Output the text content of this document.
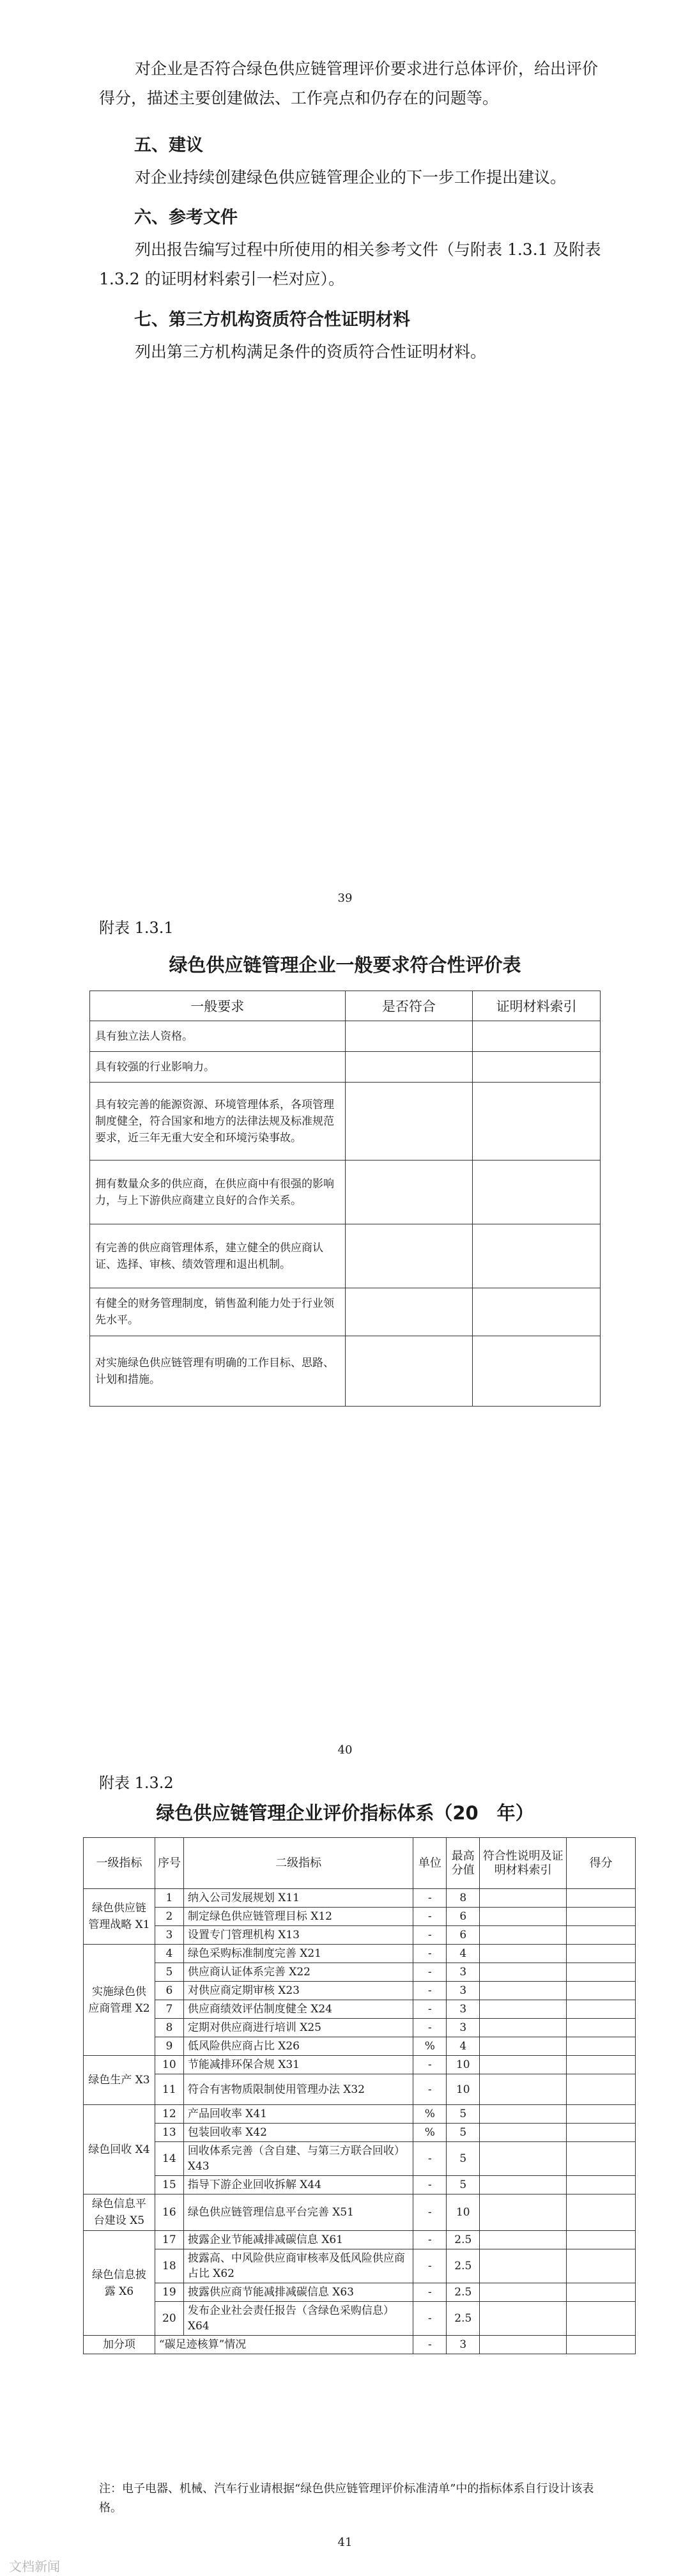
对企业是否符合绿色供应链管理评价要求进行总体评价，给出评价得分，描述主要创建做法、工作亮点和仍存在的问题等。

五、建议

对企业持续创建绿色供应链管理企业的下一步工作提出建议。

六、参考文件

列出报告编写过程中所使用的相关参考文件（与附表 1.3.1 及附表 1.3.2 的证明材料索引一栏对应）。

七、第三方机构资质符合性证明材料

列出第三方机构满足条件的资质符合性证明材料。

39
附表 1.3.1
绿色供应链管理企业一般要求符合性评价表
一般要求	是否符合	证明材料索引
具有独立法人资格。		
具有较强的行业影响力。		
具有较完善的能源资源、环境管理体系，各项管理制度健全，符合国家和地方的法律法规及标准规范要求，近三年无重大安全和环境污染事故。		
拥有数量众多的供应商，在供应商中有很强的影响力，与上下游供应商建立良好的合作关系。		
有完善的供应商管理体系，建立健全的供应商认证、选择、审核、绩效管理和退出机制。		
有健全的财务管理制度，销售盈利能力处于行业领先水平。		
对实施绿色供应链管理有明确的工作目标、思路、计划和措施。		
40
附表 1.3.2
绿色供应链管理企业评价指标体系（20　年）
一级指标	序号	二级指标	单位	最高分值	符合性说明及证明材料索引	得分
绿色供应链管理战略 X1	1	纳入公司发展规划 X11	-	8		
	2	制定绿色供应链管理目标 X12	-	6		
	3	设置专门管理机构 X13	-	6		
实施绿色供应商管理 X2	4	绿色采购标准制度完善 X21	-	4		
	5	供应商认证体系完善 X22	-	3		
	6	对供应商定期审核 X23	-	3		
	7	供应商绩效评估制度健全 X24	-	3		
	8	定期对供应商进行培训 X25	-	3		
	9	低风险供应商占比 X26	%	4		
绿色生产 X3	10	节能减排环保合规 X31	-	10		
	11	符合有害物质限制使用管理办法 X32	-	10		
绿色回收 X4	12	产品回收率 X41	%	5		
	13	包装回收率 X42	%	5		
	14	回收体系完善（含自建、与第三方联合回收）X43	-	5		
	15	指导下游企业回收拆解 X44	-	5		
绿色信息平台建设 X5	16	绿色供应链管理信息平台完善 X51	-	10		
绿色信息披露 X6	17	披露企业节能减排减碳信息 X61	-	2.5		
	18	披露高、中风险供应商审核率及低风险供应商占比 X62	-	2.5		
	19	披露供应商节能减排减碳信息 X63	-	2.5		
	20	发布企业社会责任报告（含绿色采购信息）X64	-	2.5		
加分项	“碳足迹核算”情况		-	3		
注：电子电器、机械、汽车行业请根据“绿色供应链管理评价标准清单”中的指标体系自行设计该表格。
41
文档新闻
